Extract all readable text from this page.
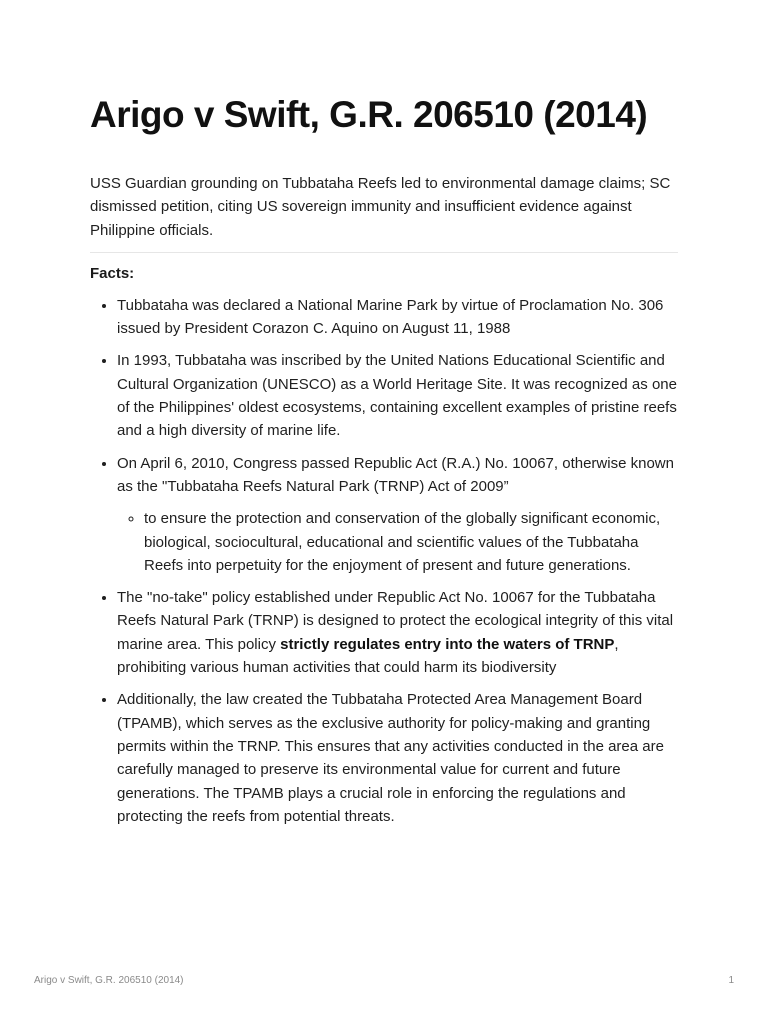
Arigo v Swift, G.R. 206510 (2014)

USS Guardian grounding on Tubbataha Reefs led to environmental damage claims; SC dismissed petition, citing US sovereign immunity and insufficient evidence against Philippine officials.

Facts:
• Tubbataha was declared a National Marine Park by virtue of Proclamation No. 306 issued by President Corazon C. Aquino on August 11, 1988
• In 1993, Tubbataha was inscribed by the United Nations Educational Scientific and Cultural Organization (UNESCO) as a World Heritage Site. It was recognized as one of the Philippines' oldest ecosystems, containing excellent examples of pristine reefs and a high diversity of marine life.
• On April 6, 2010, Congress passed Republic Act (R.A.) No. 10067, otherwise known as the "Tubbataha Reefs Natural Park (TRNP) Act of 2009”
◦ to ensure the protection and conservation of the globally significant economic, biological, sociocultural, educational and scientific values of the Tubbataha Reefs into perpetuity for the enjoyment of present and future generations.
• The "no-take" policy established under Republic Act No. 10067 for the Tubbataha Reefs Natural Park (TRNP) is designed to protect the ecological integrity of this vital marine area. This policy strictly regulates entry into the waters of TRNP, prohibiting various human activities that could harm its biodiversity
• Additionally, the law created the Tubbataha Protected Area Management Board (TPAMB), which serves as the exclusive authority for policy-making and granting permits within the TRNP. This ensures that any activities conducted in the area are carefully managed to preserve its environmental value for current and future generations. The TPAMB plays a crucial role in enforcing the regulations and protecting the reefs from potential threats.
Arigo v Swift, G.R. 206510 (2014)	1
